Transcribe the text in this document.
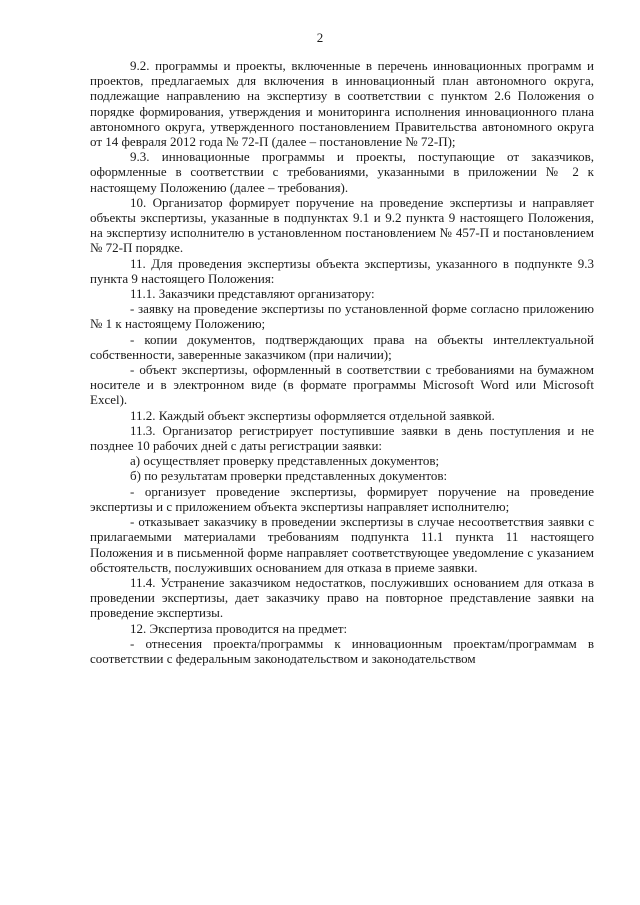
2

9.2. программы и проекты, включенные в перечень инновационных программ и проектов, предлагаемых для включения в инновационный план автономного округа, подлежащие направлению на экспертизу в соответствии с пунктом 2.6 Положения о порядке формирования, утверждения и мониторинга исполнения инновационного плана автономного округа, утвержденного постановлением Правительства автономного округа от 14 февраля 2012 года № 72-П (далее – постановление № 72-П);

9.3. инновационные программы и проекты, поступающие от заказчиков, оформленные в соответствии с требованиями, указанными в приложении № 2 к настоящему Положению (далее – требования).

10. Организатор формирует поручение на проведение экспертизы и направляет объекты экспертизы, указанные в подпунктах 9.1 и 9.2 пункта 9 настоящего Положения, на экспертизу исполнителю в установленном постановлением № 457-П и постановлением № 72-П порядке.

11. Для проведения экспертизы объекта экспертизы, указанного в подпункте 9.3 пункта 9 настоящего Положения:

11.1. Заказчики представляют организатору:

- заявку на проведение экспертизы по установленной форме согласно приложению № 1 к настоящему Положению;

- копии документов, подтверждающих права на объекты интеллектуальной собственности, заверенные заказчиком (при наличии);

- объект экспертизы, оформленный в соответствии с требованиями на бумажном носителе и в электронном виде (в формате программы Microsoft Word или Microsoft Excel).

11.2. Каждый объект экспертизы оформляется отдельной заявкой.

11.3. Организатор регистрирует поступившие заявки в день поступления и не позднее 10 рабочих дней с даты регистрации заявки:

а) осуществляет проверку представленных документов;

б) по результатам проверки представленных документов:

- организует проведение экспертизы, формирует поручение на проведение экспертизы и с приложением объекта экспертизы направляет исполнителю;

- отказывает заказчику в проведении экспертизы в случае несоответствия заявки с прилагаемыми материалами требованиям подпункта 11.1 пункта 11 настоящего Положения и в письменной форме направляет соответствующее уведомление с указанием обстоятельств, послуживших основанием для отказа в приеме заявки.

11.4. Устранение заказчиком недостатков, послуживших основанием для отказа в проведении экспертизы, дает заказчику право на повторное представление заявки на проведение экспертизы.

12. Экспертиза проводится на предмет:

- отнесения проекта/программы к инновационным проектам/программам в соответствии с федеральным законодательством и законодательством
